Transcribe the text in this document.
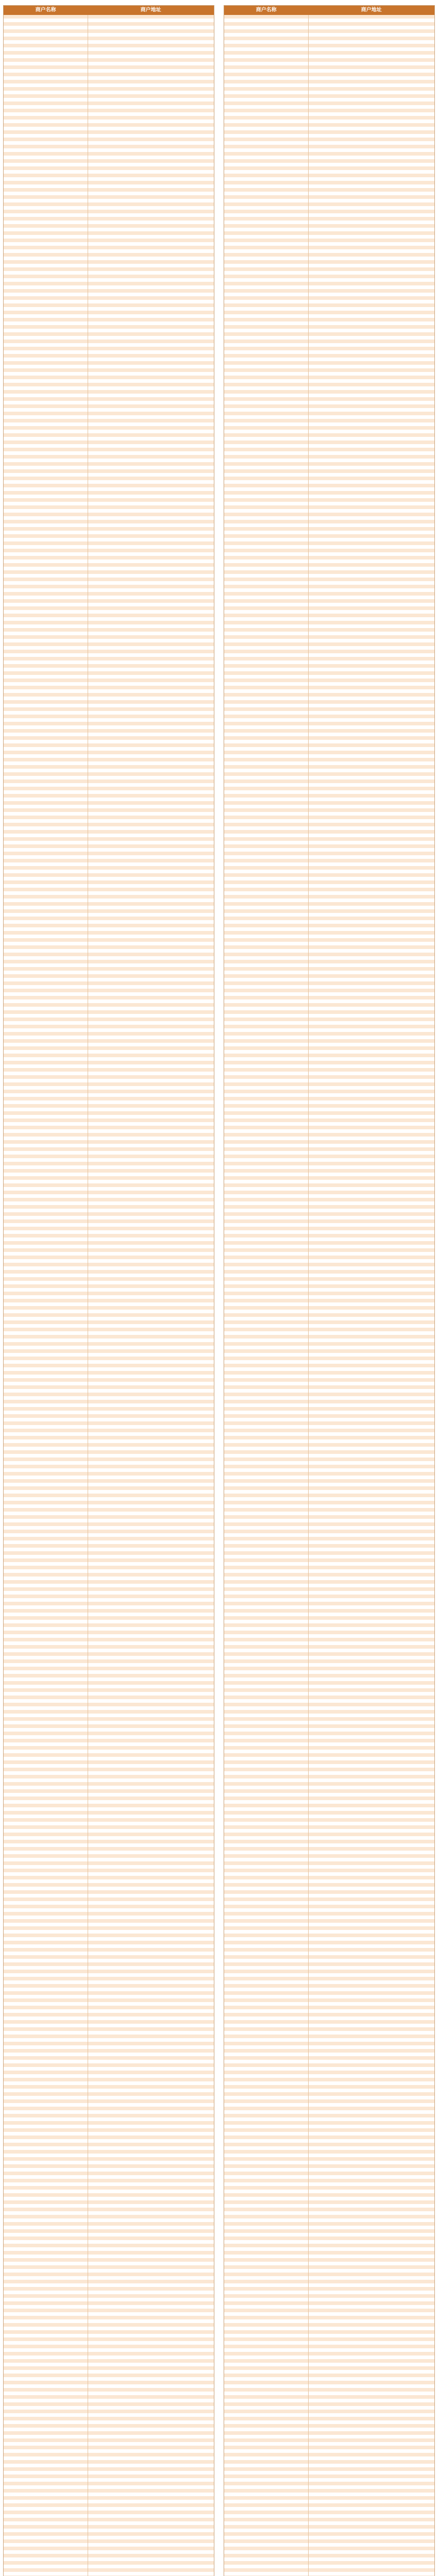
商户名称	商户地址	商户名称	商户地址
